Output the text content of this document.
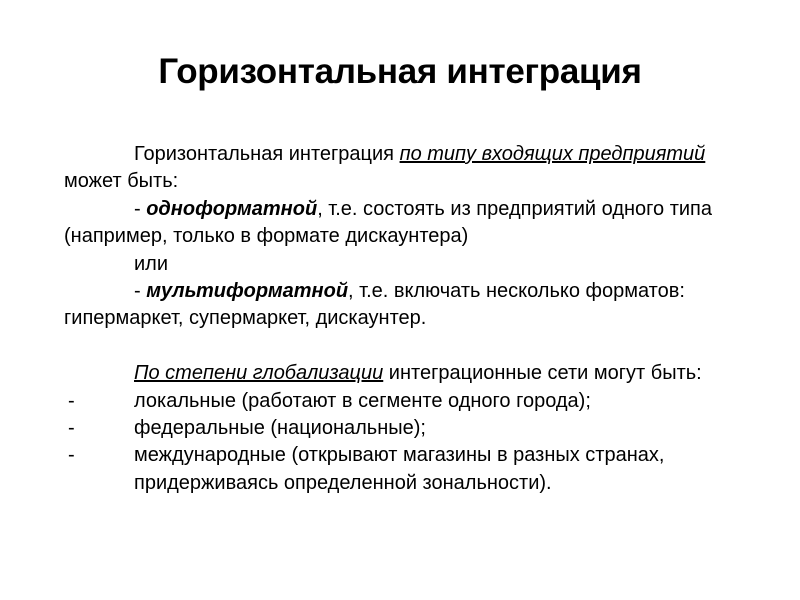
Горизонтальная интеграция

Горизонтальная интеграция по типу входящих предприятий может быть:

- одноформатной, т.е. состоять из предприятий одного типа (например, только в формате дискаунтера)

или

- мультиформатной, т.е. включать несколько форматов: гипермаркет, супермаркет, дискаунтер.

По степени глобализации интеграционные сети могут быть:

-	локальные (работают в сегменте одного города);
-	федеральные (национальные);
-	международные (открывают магазины в разных странах, придерживаясь определенной зональности).
